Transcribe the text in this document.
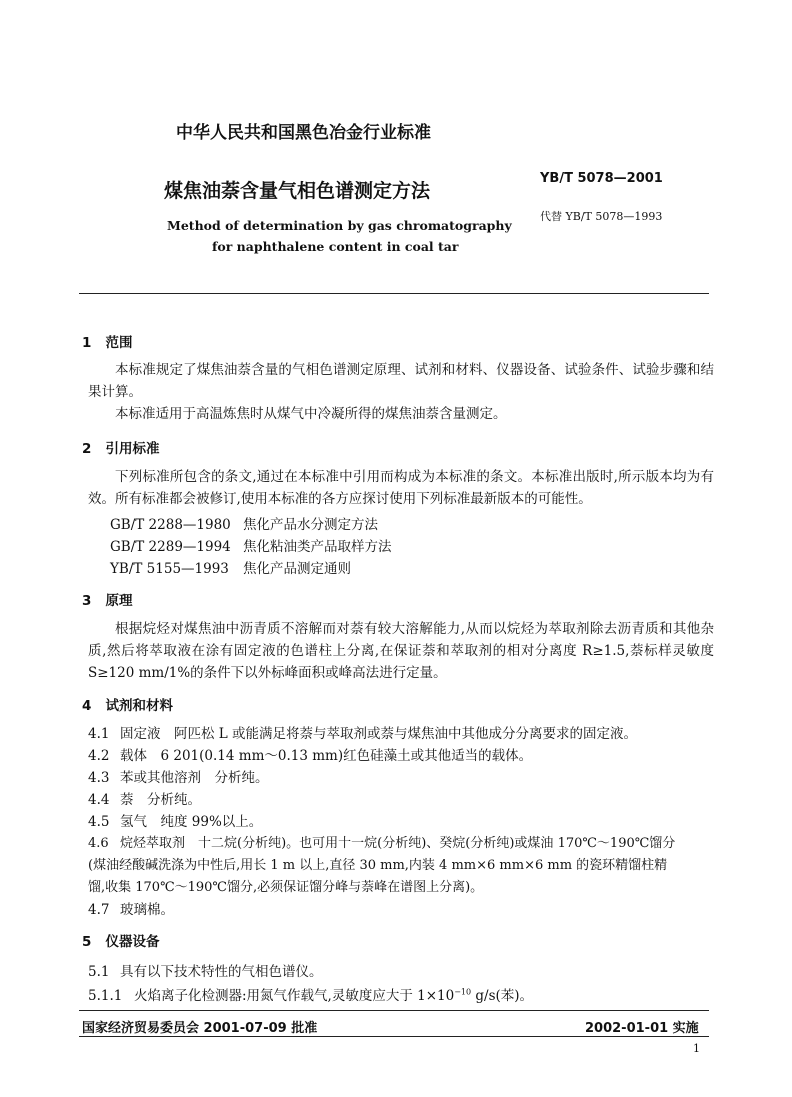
中华人民共和国黑色冶金行业标准
YB/T 5078—2001
煤焦油萘含量气相色谱测定方法
代替 YB/T 5078—1993
Method of determination by gas chromatography
for naphthalene content in coal tar
1 范围
本标准规定了煤焦油萘含量的气相色谱测定原理、试剂和材料、仪器设备、试验条件、试验步骤和结果计算。
本标准适用于高温炼焦时从煤气中冷凝所得的煤焦油萘含量测定。
2 引用标准
下列标准所包含的条文,通过在本标准中引用而构成为本标准的条文。本标准出版时,所示版本均为有效。所有标准都会被修订,使用本标准的各方应探讨使用下列标准最新版本的可能性。
GB/T 2288—1980 焦化产品水分测定方法
GB/T 2289—1994 焦化粘油类产品取样方法
YB/T 5155—1993 焦化产品测定通则
3 原理
根据烷烃对煤焦油中沥青质不溶解而对萘有较大溶解能力,从而以烷烃为萃取剂除去沥青质和其他杂质,然后将萃取液在涂有固定液的色谱柱上分离,在保证萘和萃取剂的相对分离度 R≥1.5,萘标样灵敏度 S≥120 mm/1%的条件下以外标峰面积或峰高法进行定量。
4 试剂和材料
4.1 固定液　阿匹松 L 或能满足将萘与萃取剂或萘与煤焦油中其他成分分离要求的固定液。
4.2 载体　6 201(0.14 mm～0.13 mm)红色硅藻土或其他适当的载体。
4.3 苯或其他溶剂　分析纯。
4.4 萘　分析纯。
4.5 氢气　纯度 99%以上。
4.6 烷烃萃取剂　十二烷(分析纯)。也可用十一烷(分析纯)、癸烷(分析纯)或煤油 170℃～190℃馏分
(煤油经酸碱洗涤为中性后,用长 1 m 以上,直径 30 mm,内装 4 mm×6 mm×6 mm 的瓷环精馏柱精
馏,收集 170℃～190℃馏分,必须保证馏分峰与萘峰在谱图上分离)。
4.7 玻璃棉。
5 仪器设备
5.1 具有以下技术特性的气相色谱仪。
5.1.1 火焰离子化检测器:用氮气作载气,灵敏度应大于 $1\times 10^{-10}$ g/s(苯)。
国家经济贸易委员会 2001-07-09 批准	2002-01-01 实施
1
